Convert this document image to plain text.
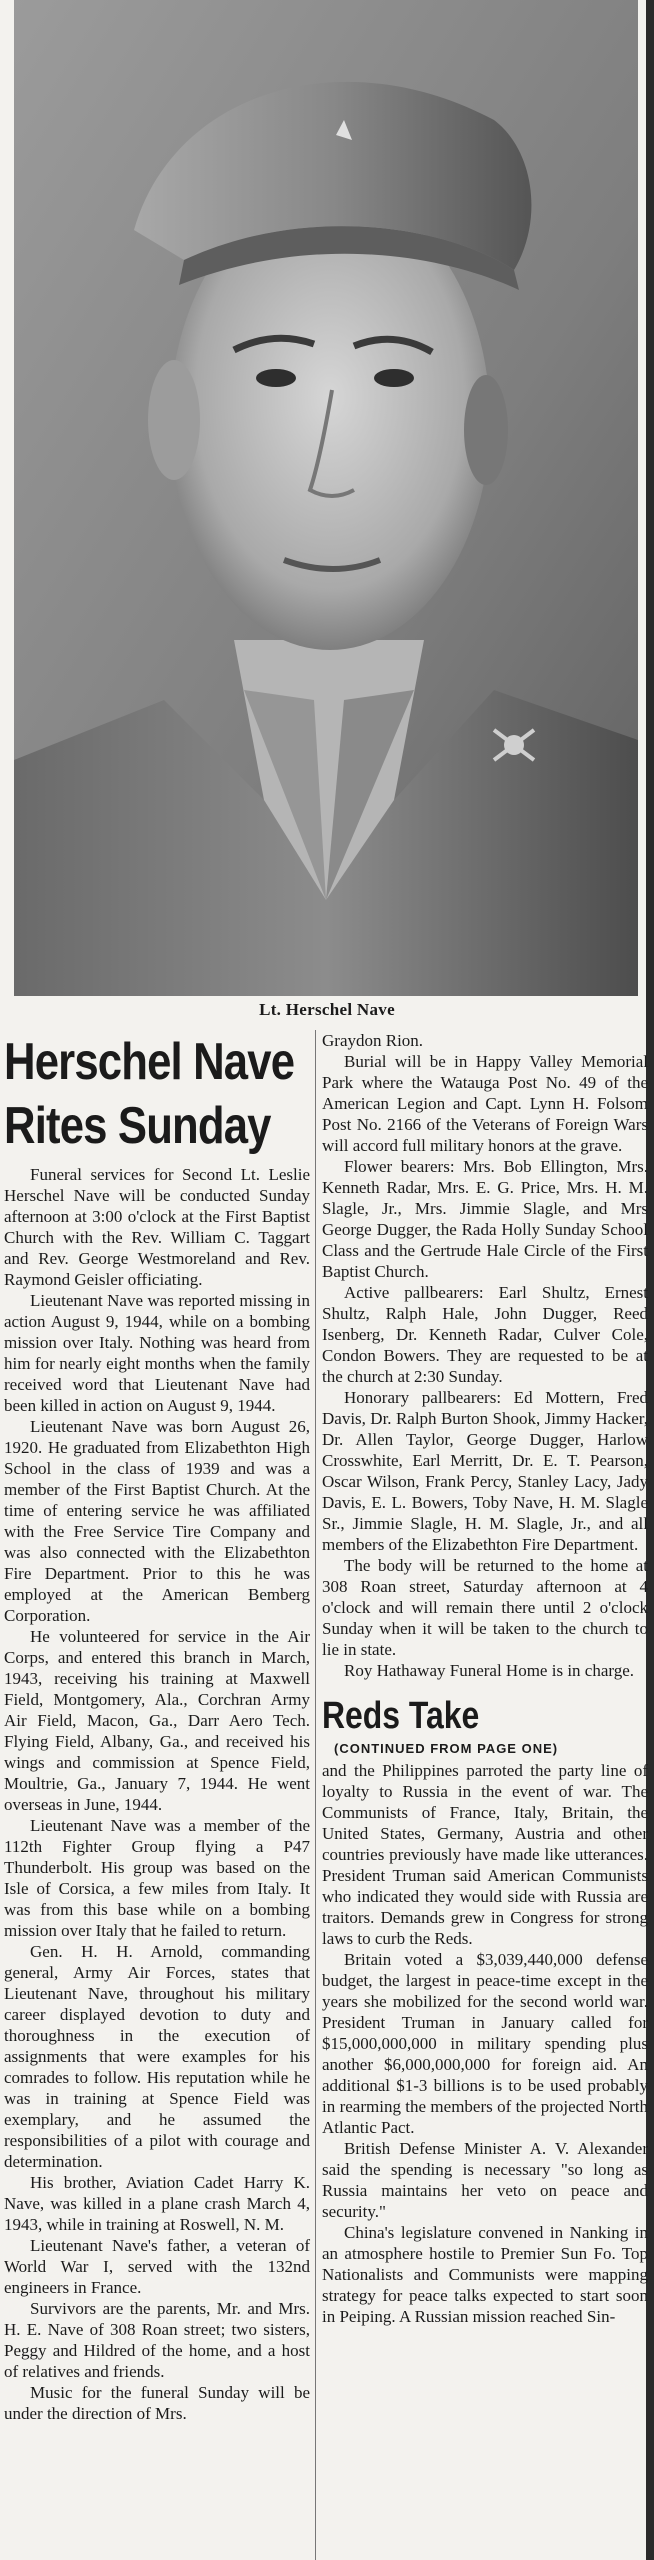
Lt. Herschel Nave
Herschel Nave
Rites Sunday

Funeral services for Second Lt. Leslie Herschel Nave will be conducted Sunday afternoon at 3:00 o'clock at the First Baptist Church with the Rev. William C. Taggart and Rev. George Westmoreland and Rev. Raymond Geisler officiating.

Lieutenant Nave was reported missing in action August 9, 1944, while on a bombing mission over Italy. Nothing was heard from him for nearly eight months when the family received word that Lieutenant Nave had been killed in action on August 9, 1944.

Lieutenant Nave was born August 26, 1920. He graduated from Elizabethton High School in the class of 1939 and was a member of the First Baptist Church. At the time of entering service he was affiliated with the Free Service Tire Company and was also connected with the Elizabethton Fire Department. Prior to this he was employed at the American Bemberg Corporation.

He volunteered for service in the Air Corps, and entered this branch in March, 1943, receiving his training at Maxwell Field, Montgomery, Ala., Corchran Army Air Field, Macon, Ga., Darr Aero Tech. Flying Field, Albany, Ga., and received his wings and commission at Spence Field, Moultrie, Ga., January 7, 1944. He went overseas in June, 1944.

Lieutenant Nave was a member of the 112th Fighter Group flying a P47 Thunderbolt. His group was based on the Isle of Corsica, a few miles from Italy. It was from this base while on a bombing mission over Italy that he failed to return.

Gen. H. H. Arnold, commanding general, Army Air Forces, states that Lieutenant Nave, throughout his military career displayed devotion to duty and thoroughness in the execution of assignments that were examples for his comrades to follow. His reputation while he was in training at Spence Field was exemplary, and he assumed the responsibilities of a pilot with courage and determination.

His brother, Aviation Cadet Harry K. Nave, was killed in a plane crash March 4, 1943, while in training at Roswell, N. M.

Lieutenant Nave's father, a veteran of World War I, served with the 132nd engineers in France.

Survivors are the parents, Mr. and Mrs. H. E. Nave of 308 Roan street; two sisters, Peggy and Hildred of the home, and a host of relatives and friends.

Music for the funeral Sunday will be under the direction of Mrs.

Graydon Rion.

Burial will be in Happy Valley Memorial Park where the Watauga Post No. 49 of the American Legion and Capt. Lynn H. Folsom Post No. 2166 of the Veterans of Foreign Wars will accord full military honors at the grave.

Flower bearers: Mrs. Bob Ellington, Mrs. Kenneth Radar, Mrs. E. G. Price, Mrs. H. M. Slagle, Jr., Mrs. Jimmie Slagle, and Mrs George Dugger, the Rada Holly Sunday School Class and the Gertrude Hale Circle of the First Baptist Church.

Active pallbearers: Earl Shultz, Ernest Shultz, Ralph Hale, John Dugger, Reed Isenberg, Dr. Kenneth Radar, Culver Cole, Condon Bowers. They are requested to be at the church at 2:30 Sunday.

Honorary pallbearers: Ed Mottern, Fred Davis, Dr. Ralph Burton Shook, Jimmy Hacker, Dr. Allen Taylor, George Dugger, Harlow Crosswhite, Earl Merritt, Dr. E. T. Pearson, Oscar Wilson, Frank Percy, Stanley Lacy, Jady Davis, E. L. Bowers, Toby Nave, H. M. Slagle Sr., Jimmie Slagle, H. M. Slagle, Jr., and all members of the Elizabethton Fire Department.

The body will be returned to the home at 308 Roan street, Saturday afternoon at 4 o'clock and will remain there until 2 o'clock Sunday when it will be taken to the church to lie in state.

Roy Hathaway Funeral Home is in charge.

Reds Take
(CONTINUED FROM PAGE ONE)

and the Philippines parroted the party line of loyalty to Russia in the event of war. The Communists of France, Italy, Britain, the United States, Germany, Austria and other countries previously have made like utterances. President Truman said American Communists who indicated they would side with Russia are traitors. Demands grew in Congress for strong laws to curb the Reds.

Britain voted a $3,039,440,000 defense budget, the largest in peace-time except in the years she mobilized for the second world war. President Truman in January called for $15,000,000,000 in military spending plus another $6,000,000,000 for foreign aid. An additional $1-3 billions is to be used probably in rearming the members of the projected North Atlantic Pact.

British Defense Minister A. V. Alexander said the spending is necessary "so long as Russia maintains her veto on peace and security."

China's legislature convened in Nanking in an atmosphere hostile to Premier Sun Fo. Top Nationalists and Communists were mapping strategy for peace talks expected to start soon in Peiping. A Russian mission reached Sin-
